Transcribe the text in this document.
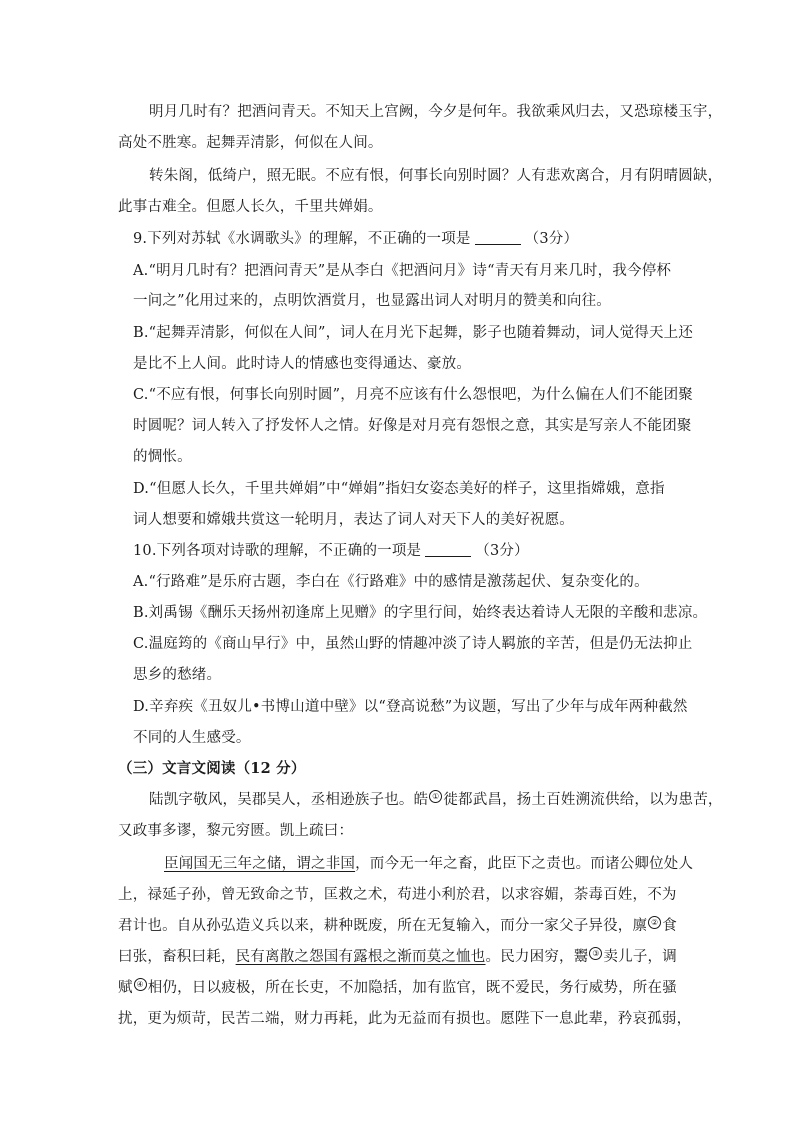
明月几时有？把酒问青天。不知天上宫阙，今夕是何年。我欲乘风归去，又恐琼楼玉宇，
高处不胜寒。起舞弄清影，何似在人间。
转朱阁，低绮户，照无眠。不应有恨，何事长向别时圆？人有悲欢离合，月有阴晴圆缺，
此事古难全。但愿人长久，千里共婵娟。
9.下列对苏轼《水调歌头》的理解，不正确的一项是	（3分）
A.“明月几时有？把酒问青天”是从李白《把酒问月》诗“青天有月来几时，我今停杯
一问之”化用过来的，点明饮酒赏月，也显露出词人对明月的赞美和向往。
B.“起舞弄清影，何似在人间”，词人在月光下起舞，影子也随着舞动，词人觉得天上还
是比不上人间。此时诗人的情感也变得通达、豪放。
C.“不应有恨，何事长向别时圆”，月亮不应该有什么怨恨吧，为什么偏在人们不能团聚
时圆呢？词人转入了抒发怀人之情。好像是对月亮有怨恨之意，其实是写亲人不能团聚
的惆怅。
D.“但愿人长久，千里共婵娟”中“婵娟”指妇女姿态美好的样子，这里指嫦娥，意指
词人想要和嫦娥共赏这一轮明月，表达了词人对天下人的美好祝愿。
10.下列各项对诗歌的理解，不正确的一项是	（3分）
A.“行路难”是乐府古题，李白在《行路难》中的感情是激荡起伏、复杂变化的。
B.刘禹锡《酬乐天扬州初逢席上见赠》的字里行间，始终表达着诗人无限的辛酸和悲凉。
C.温庭筠的《商山早行》中，虽然山野的情趣冲淡了诗人羁旅的辛苦，但是仍无法抑止
思乡的愁绪。
D.辛弃疾《丑奴儿•书博山道中壁》以“登高说愁”为议题，写出了少年与成年两种截然
不同的人生感受。
（三）文言文阅读（12 分）
陆凯字敬风，吴郡吴人，丞相逊族子也。皓 ① 徙都武昌，扬土百姓溯流供给，以为患苦，
又政事多谬，黎元穷匮。凯上疏曰：
臣闻国无三年之储，谓之非国，而今无一年之畜，此臣下之责也。而诸公卿位处人
上，禄延子孙，曾无致命之节，匡救之术，苟进小利於君，以求容媚，荼毒百姓，不为
君计也。自从孙弘造义兵以来，耕种既废，所在无复输入，而分一家父子异役，廪 ② 食
曰张，畜积曰耗，民有离散之怨国有露根之渐而莫之恤也。民力困穷，鬻 ③ 卖儿子，调
赋 ④ 相仍，日以疲极，所在长吏，不加隐括，加有监官，既不爱民，务行威势，所在骚
扰，更为烦苛，民苦二端，财力再耗，此为无益而有损也。愿陛下一息此辈，矜哀孤弱，
